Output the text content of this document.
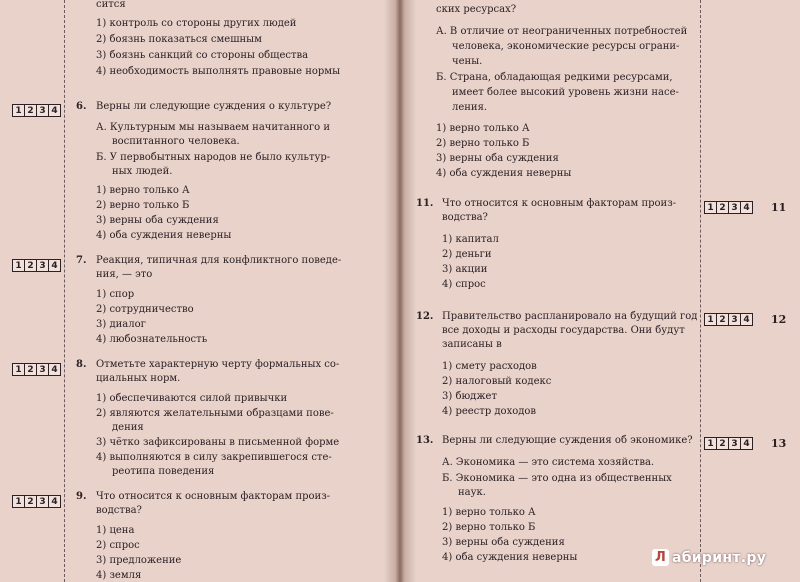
сится
1) контроль со стороны других людей
2) боязнь показаться смешным
3) боязнь санкций со стороны общества
4) необходимость выполнять правовые нормы
1 2 3 4 6. Верны ли следующие суждения о культуре?
А. Культурным мы называем начитанного и
воспитанного человека.
Б. У первобытных народов не было культур-
ных людей.
1) верно только А
2) верно только Б
3) верны оба суждения
4) оба суждения неверны
1 2 3 4 7. Реакция, типичная для конфликтного поведе-
ния, — это
1) спор
2) сотрудничество
3) диалог
4) любознательность
1 2 3 4 8. Отметьте характерную черту формальных со-
циальных норм.
1) обеспечиваются силой привычки
2) являются желательными образцами пове-
дения
3) чётко зафиксированы в письменной форме
4) выполняются в силу закрепившегося сте-
реотипа поведения
1 2 3 4 9. Что относится к основным факторам произ-
водства?
1) цена
2) спрос
3) предложение
4) земля
ских ресурсах?
А. В отличие от неограниченных потребностей
человека, экономические ресурсы ограни-
чены.
Б. Страна, обладающая редкими ресурсами,
имеет более высокий уровень жизни насе-
ления.
1) верно только А
2) верно только Б
3) верны оба суждения
4) оба суждения неверны
11. Что относится к основным факторам произ-
водства?
1) капитал
2) деньги
3) акции
4) спрос
1 2 3 4 11
12. Правительство распланировало на будущий год
все доходы и расходы государства. Они будут
записаны в
1) смету расходов
2) налоговый кодекс
3) бюджет
4) реестр доходов
1 2 3 4 12
13. Верны ли следующие суждения об экономике?
А. Экономика — это система хозяйства.
Б. Экономика — это одна из общественных
наук.
1) верно только А
2) верно только Б
3) верны оба суждения
4) оба суждения неверны
1 2 3 4 13
Л абиринт.ру
